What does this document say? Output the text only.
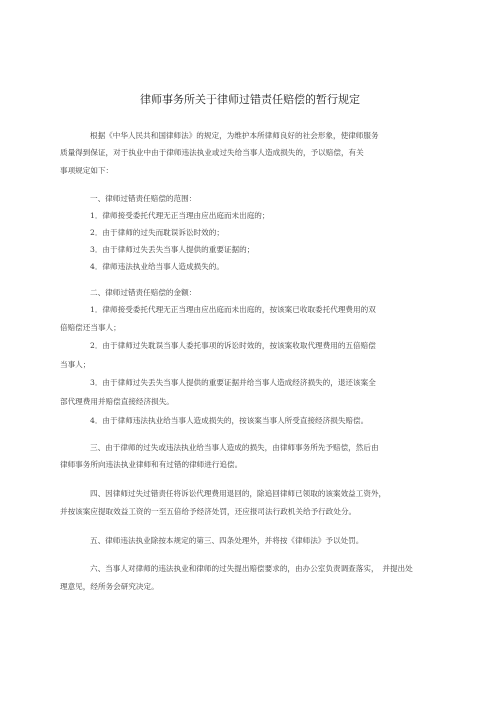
律师事务所关于律师过错责任赔偿的暂行规定
根据《中华人民共和国律师法》的规定，为维护本所律师良好的社会形象，使律师服务
质量得到保证，对于执业中由于律师违法执业或过失给当事人造成损失的，予以赔偿，有关
事项规定如下：
一、律师过错责任赔偿的范围：
1．律师接受委托代理无正当理由应出庭而未出庭的；
2．由于律师的过失而耽误诉讼时效的；
3．由于律师过失丢失当事人提供的重要证据的；
4．律师违法执业给当事人造成损失的。
二、律师过错责任赔偿的金额：
1．律师接受委托代理无正当理由应出庭而未出庭的，按该案已收取委托代理费用的双
倍赔偿还当事人；
2．由于律师过失耽误当事人委托事项的诉讼时效的，按该案收取代理费用的五倍赔偿
当事人；
3．由于律师过失丢失当事人提供的重要证据并给当事人造成经济损失的，退还该案全
部代理费用并赔偿直接经济损失。
4．由于律师违法执业给当事人造成损失的，按该案当事人所受直接经济损失赔偿。
三、由于律师的过失或违法执业给当事人造成的损失，由律师事务所先予赔偿，然后由
律师事务所向违法执业律师和有过错的律师进行追偿。
四、因律师过失过错责任将诉讼代理费用退回的，除追回律师已领取的该案效益工资外，
并按该案应提取效益工资的一至五倍给予经济处罚，还应报司法行政机关给予行政处分。
五、律师违法执业除按本规定的第三、四条处理外，并将按《律师法》予以处罚。
六、当事人对律师的违法执业和律师的过失提出赔偿要求的，由办公室负责调查落实，　并提出处
理意见，经所务会研究决定。
